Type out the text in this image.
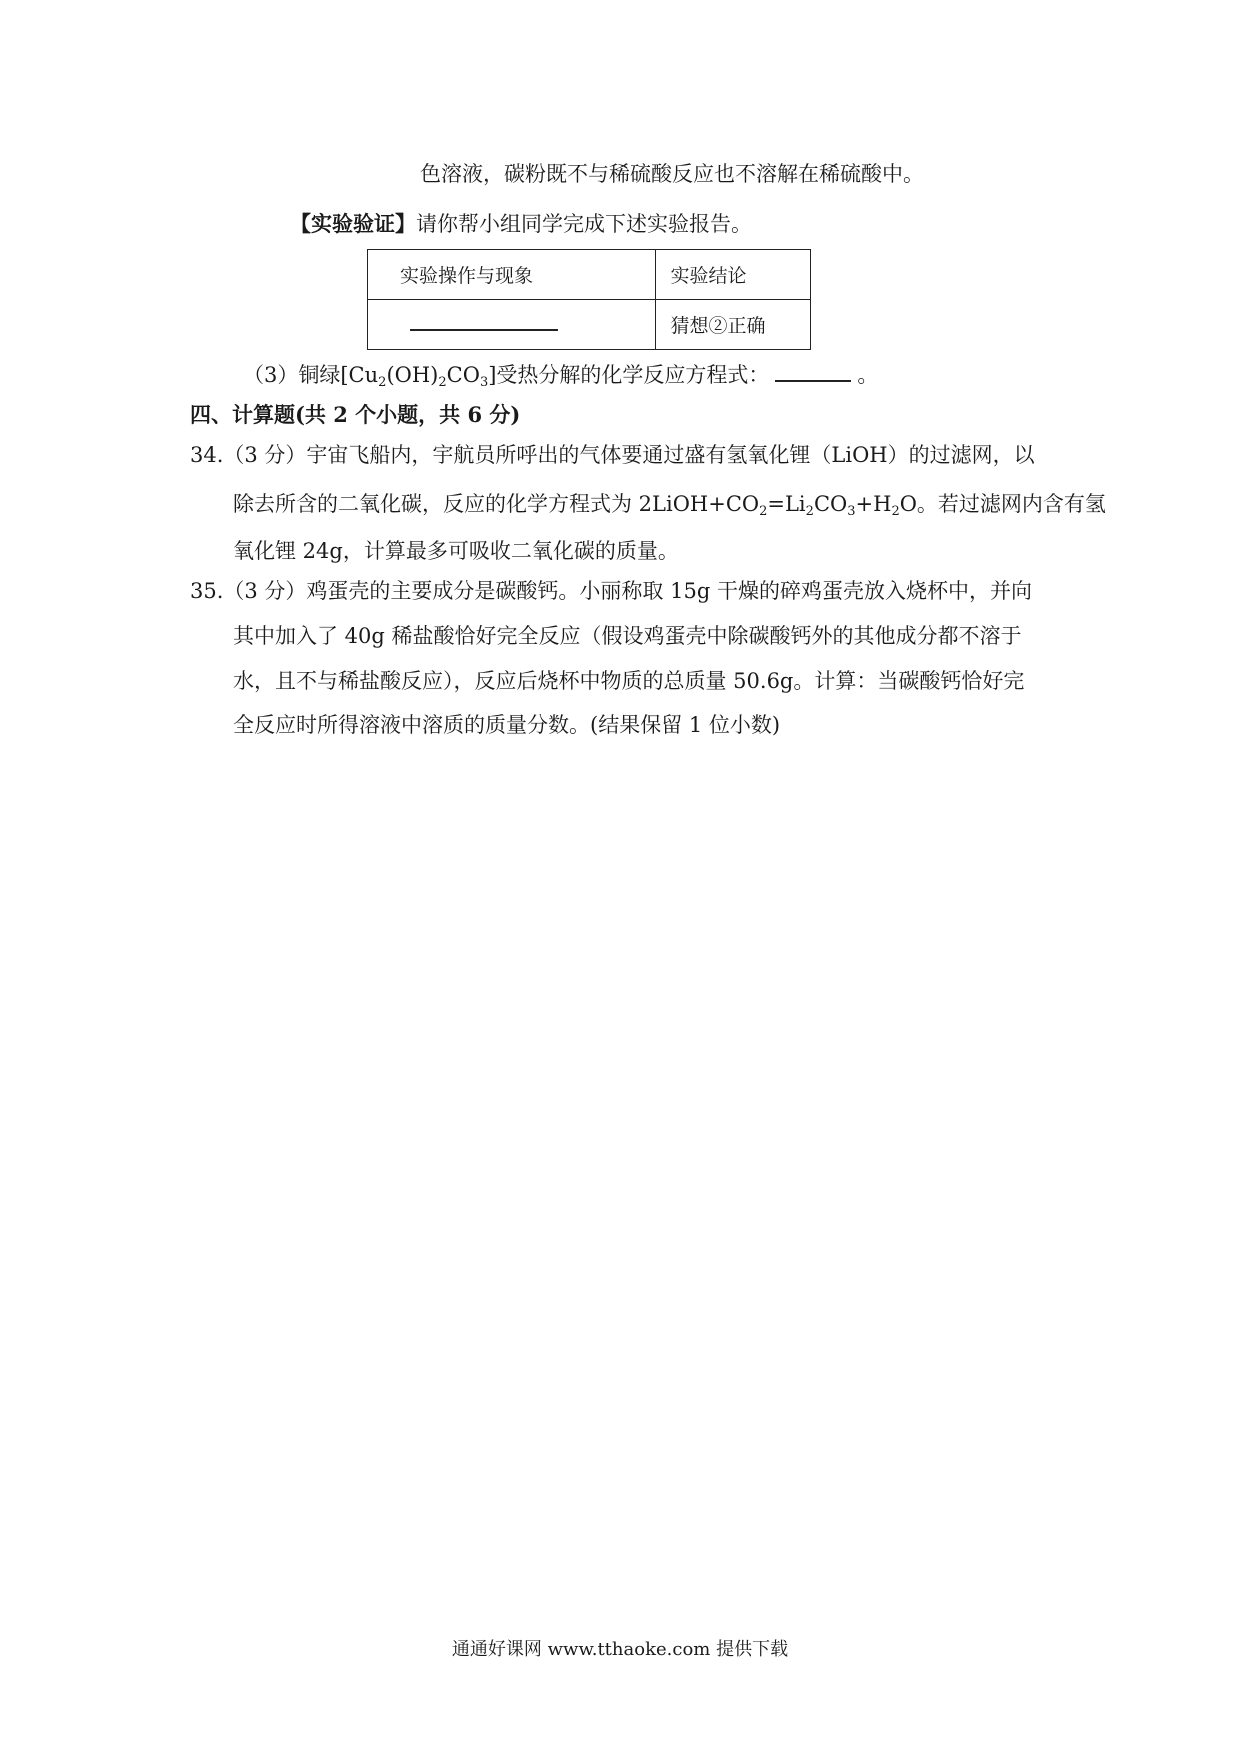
色溶液，碳粉既不与稀硫酸反应也不溶解在稀硫酸中。
【实验验证】请你帮小组同学完成下述实验报告。
实验操作与现象	实验结论
	猜想②正确
（3）铜绿$[Cu_2(OH)_2CO_3]$受热分解的化学反应方程式：	。
四、计算题(共 2 个小题，共 6 分)
34.（3 分）宇宙飞船内，宇航员所呼出的气体要通过盛有氢氧化锂（LiOH）的过滤网，以
除去所含的二氧化碳，反应的化学方程式为 $2LiOH+CO_2=Li_2CO_3+H_2O$。若过滤网内含有氢
氧化锂 24g，计算最多可吸收二氧化碳的质量。
35.（3 分）鸡蛋壳的主要成分是碳酸钙。小丽称取 15g 干燥的碎鸡蛋壳放入烧杯中，并向
其中加入了 40g 稀盐酸恰好完全反应（假设鸡蛋壳中除碳酸钙外的其他成分都不溶于
水，且不与稀盐酸反应），反应后烧杯中物质的总质量 50.6g。计算：当碳酸钙恰好完
全反应时所得溶液中溶质的质量分数。(结果保留 1 位小数)
通通好课网 www.tthaoke.com 提供下载
